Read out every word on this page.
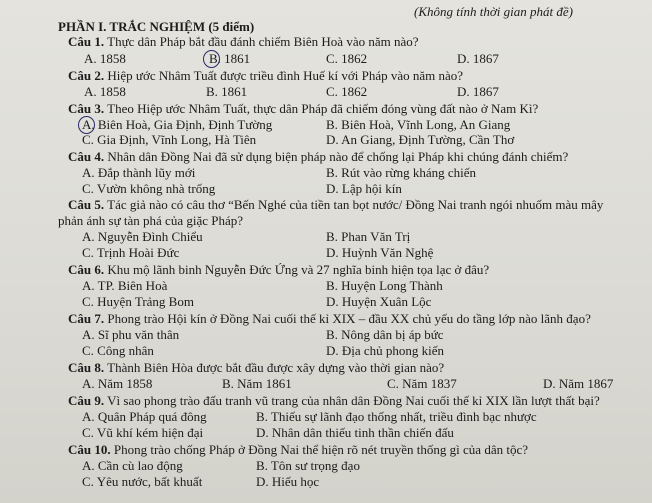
(Không tính thời gian phát đề)
PHẦN I. TRẮC NGHIỆM (5 điểm)
Câu 1. Thực dân Pháp bắt đầu đánh chiếm Biên Hoà vào năm nào?
A. 1858	B. 1861	C. 1862	D. 1867
Câu 2. Hiệp ước Nhâm Tuất được triều đình Huế kí với Pháp vào năm nào?
A. 1858	B. 1861	C. 1862	D. 1867
Câu 3. Theo Hiệp ước Nhâm Tuất, thực dân Pháp đã chiếm đóng vùng đất nào ở Nam Kì?
A. Biên Hoà, Gia Định, Định Tường	B. Biên Hoà, Vĩnh Long, An Giang
C. Gia Định, Vĩnh Long, Hà Tiên	D. An Giang, Định Tường, Cần Thơ
Câu 4. Nhân dân Đồng Nai đã sử dụng biện pháp nào để chống lại Pháp khi chúng đánh chiếm?
A. Đắp thành lũy mới	B. Rút vào rừng kháng chiến
C. Vườn không nhà trống	D. Lập hội kín
Câu 5. Tác giả nào có câu thơ “Bến Nghé của tiền tan bọt nước/ Đồng Nai tranh ngói nhuốm màu mây
phản ánh sự tàn phá của giặc Pháp?
A. Nguyễn Đình Chiểu	B. Phan Văn Trị
C. Trịnh Hoài Đức	D. Huỳnh Văn Nghệ
Câu 6. Khu mộ lãnh binh Nguyễn Đức Ứng và 27 nghĩa binh hiện tọa lạc ở đâu?
A. TP. Biên Hoà	B. Huyện Long Thành
C. Huyện Trảng Bom	D. Huyện Xuân Lộc
Câu 7. Phong trào Hội kín ở Đồng Nai cuối thế kỉ XIX – đầu XX chủ yếu do tầng lớp nào lãnh đạo?
A. Sĩ phu văn thân	B. Nông dân bị áp bức
C. Công nhân	D. Địa chủ phong kiến
Câu 8. Thành Biên Hòa được bắt đầu được xây dựng vào thời gian nào?
A. Năm 1858	B. Năm 1861	C. Năm 1837	D. Năm 1867
Câu 9. Vì sao phong trào đấu tranh vũ trang của nhân dân Đồng Nai cuối thế kỉ XIX lần lượt thất bại?
A. Quân Pháp quá đông	B. Thiếu sự lãnh đạo thống nhất, triều đình bạc nhược
C. Vũ khí kém hiện đại	D. Nhân dân thiếu tinh thần chiến đấu
Câu 10. Phong trào chống Pháp ở Đồng Nai thể hiện rõ nét truyền thống gì của dân tộc?
A. Cần cù lao động	B. Tôn sư trọng đạo
C. Yêu nước, bất khuất	D. Hiếu học
